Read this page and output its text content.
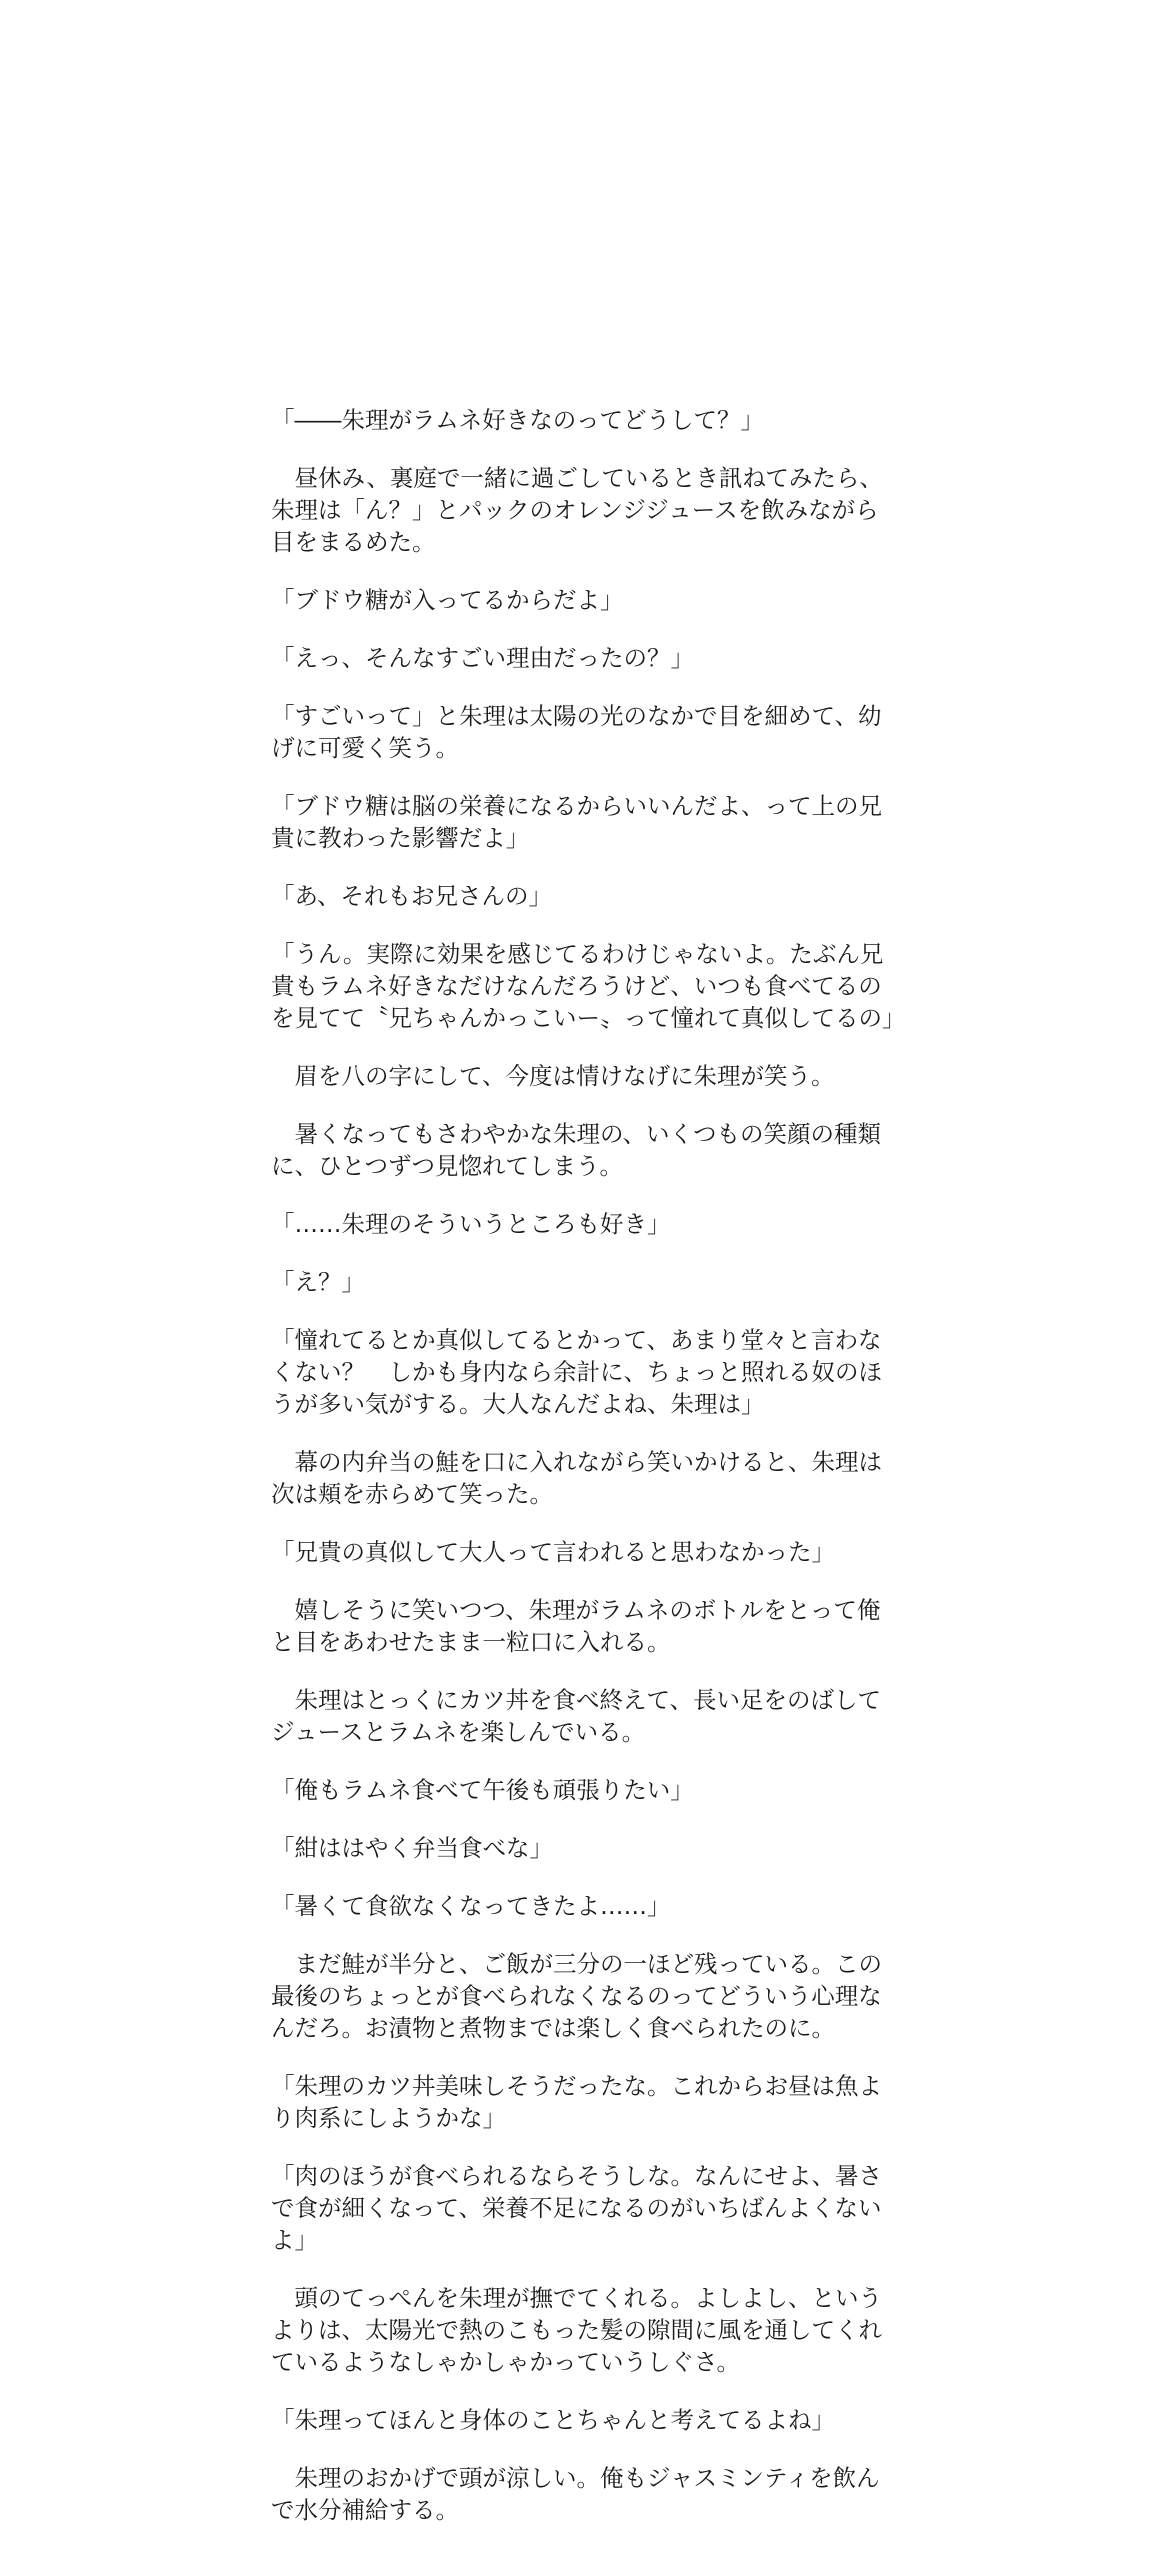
「――朱理がラムネ好きなのってどうして？」

昼休み、裏庭で一緒に過ごしているとき訊ねてみたら、朱理は「ん？」とパックのオレンジジュースを飲みながら目をまるめた。

「ブドウ糖が入ってるからだよ」

「えっ、そんなすごい理由だったの？」

「すごいって」と朱理は太陽の光のなかで目を細めて、幼げに可愛く笑う。

「ブドウ糖は脳の栄養になるからいいんだよ、って上の兄貴に教わった影響だよ」

「あ、それもお兄さんの」

「うん。実際に効果を感じてるわけじゃないよ。たぶん兄貴もラムネ好きなだけなんだろうけど、いつも食べてるのを見てて〝兄ちゃんかっこいー〟って憧れて真似してるの」

眉を八の字にして、今度は情けなげに朱理が笑う。

暑くなってもさわやかな朱理の、いくつもの笑顔の種類に、ひとつずつ見惚れてしまう。

「……朱理のそういうところも好き」

「え？」

「憧れてるとか真似してるとかって、あまり堂々と言わなくない？　しかも身内なら余計に、ちょっと照れる奴のほうが多い気がする。大人なんだよね、朱理は」

幕の内弁当の鮭を口に入れながら笑いかけると、朱理は次は頬を赤らめて笑った。

「兄貴の真似して大人って言われると思わなかった」

嬉しそうに笑いつつ、朱理がラムネのボトルをとって俺と目をあわせたまま一粒口に入れる。

朱理はとっくにカツ丼を食べ終えて、長い足をのばしてジュースとラムネを楽しんでいる。

「俺もラムネ食べて午後も頑張りたい」

「紺ははやく弁当食べな」

「暑くて食欲なくなってきたよ……」

まだ鮭が半分と、ご飯が三分の一ほど残っている。この最後のちょっとが食べられなくなるのってどういう心理なんだろ。お漬物と煮物までは楽しく食べられたのに。

「朱理のカツ丼美味しそうだったな。これからお昼は魚より肉系にしようかな」

「肉のほうが食べられるならそうしな。なんにせよ、暑さで食が細くなって、栄養不足になるのがいちばんよくないよ」

頭のてっぺんを朱理が撫でてくれる。よしよし、というよりは、太陽光で熱のこもった髪の隙間に風を通してくれているようなしゃかしゃかっていうしぐさ。

「朱理ってほんと身体のことちゃんと考えてるよね」

朱理のおかげで頭が涼しい。俺もジャスミンティを飲んで水分補給する。
